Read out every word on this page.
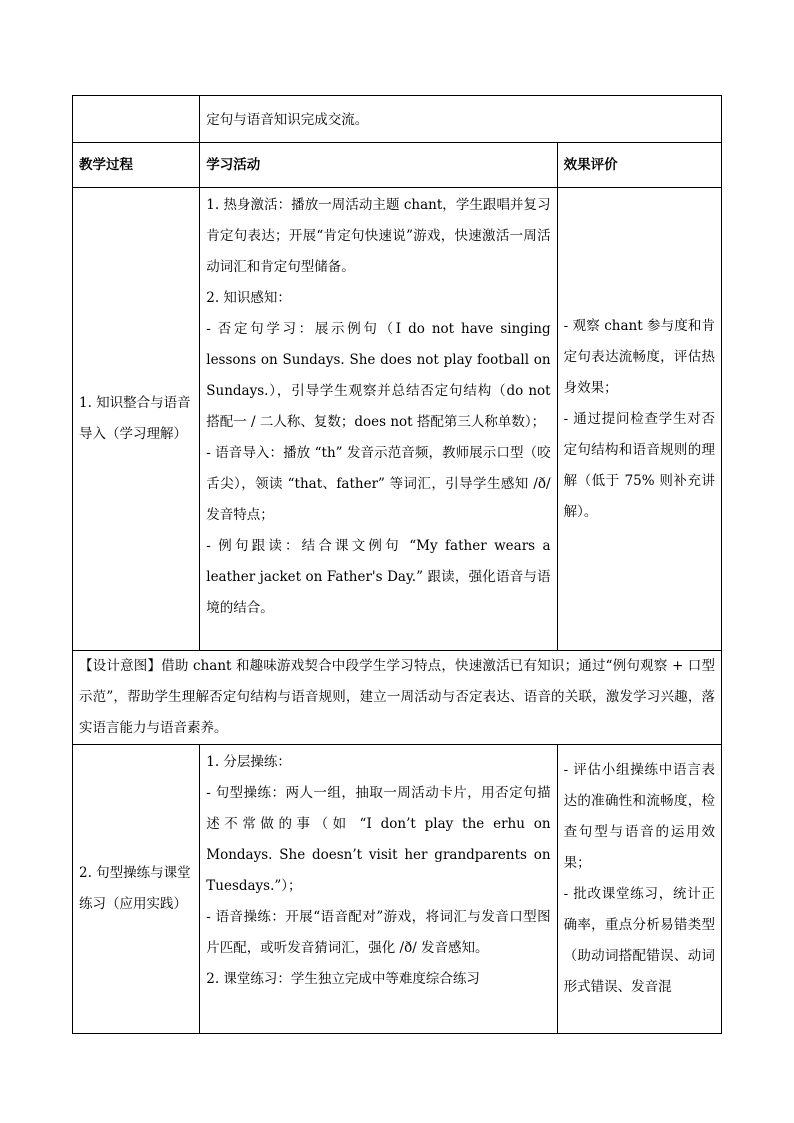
	定句与语音知识完成交流。	
教学过程	学习活动	效果评价
1. 知识整合与语音导入（学习理解）	1. 热身激活：播放一周活动主题 chant，学生跟唱并复习肯定句表达；开展“肯定句快速说”游戏，快速激活一周活动词汇和肯定句型储备。
2. 知识感知：
- 否定句学习：展示例句（I do not have singing lessons on Sundays. She does not play football on Sundays.），引导学生观察并总结否定句结构（do not 搭配一 / 二人称、复数；does not 搭配第三人称单数）；
- 语音导入：播放 “th” 发音示范音频，教师展示口型（咬舌尖），领读 “that、father” 等词汇，引导学生感知 /ð/ 发音特点；
- 例句跟读：结合课文例句 “My father wears a leather jacket on Father's Day.” 跟读，强化语音与语境的结合。	- 观察 chant 参与度和肯定句表达流畅度，评估热身效果；
- 通过提问检查学生对否定句结构和语音规则的理解（低于 75% 则补充讲解）。

【设计意图】借助 chant 和趣味游戏契合中段学生学习特点，快速激活已有知识；通过“例句观察 + 口型示范”，帮助学生理解否定句结构与语音规则，建立一周活动与否定表达、语音的关联，激发学习兴趣，落实语言能力与语音素养。		
2. 句型操练与课堂练习（应用实践）	1. 分层操练：
- 句型操练：两人一组，抽取一周活动卡片，用否定句描述不常做的事（如 “I don’t play the erhu on Mondays. She doesn’t visit her grandparents on Tuesdays.”）；
- 语音操练：开展“语音配对”游戏，将词汇与发音口型图片匹配，或听发音猜词汇，强化 /ð/ 发音感知。
2. 课堂练习：学生独立完成中等难度综合练习	- 评估小组操练中语言表达的准确性和流畅度，检查句型与语音的运用效果；
- 批改课堂练习，统计正确率，重点分析易错类型（助动词搭配错误、动词形式错误、发音混
